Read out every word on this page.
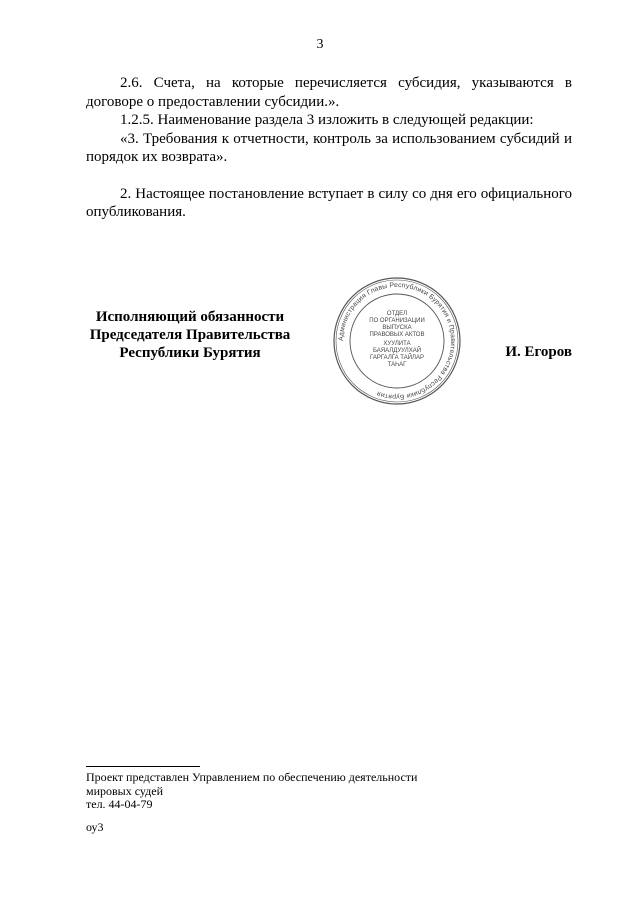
3

2.6. Счета, на которые перечисляется субсидия, указываются в договоре о предоставлении субсидии.».

1.2.5. Наименование раздела 3 изложить в следующей редакции:

«3. Требования к отчетности, контроль за использованием субсидий и порядок их возврата».

2. Настоящее постановление вступает в силу со дня его официального опубликования.

Исполняющий обязанности
Председателя Правительства
Республики Бурятия
Администрация Главы Республики Бурятия и Правительства Республики Бурятия
ОТДЕЛ
ПО ОРГАНИЗАЦИИ
ВЫПУСКА
ПРАВОВЫХ АКТОВ
ХУУЛИТА
БАЯАЛДУУЛХАЙ
ГАРГАЛГА ТАЙЛАР
ТАҺАГ
И. Егоров
Проект представлен Управлением по обеспечению деятельности
мировых судей
тел. 44-04-79
оу3
